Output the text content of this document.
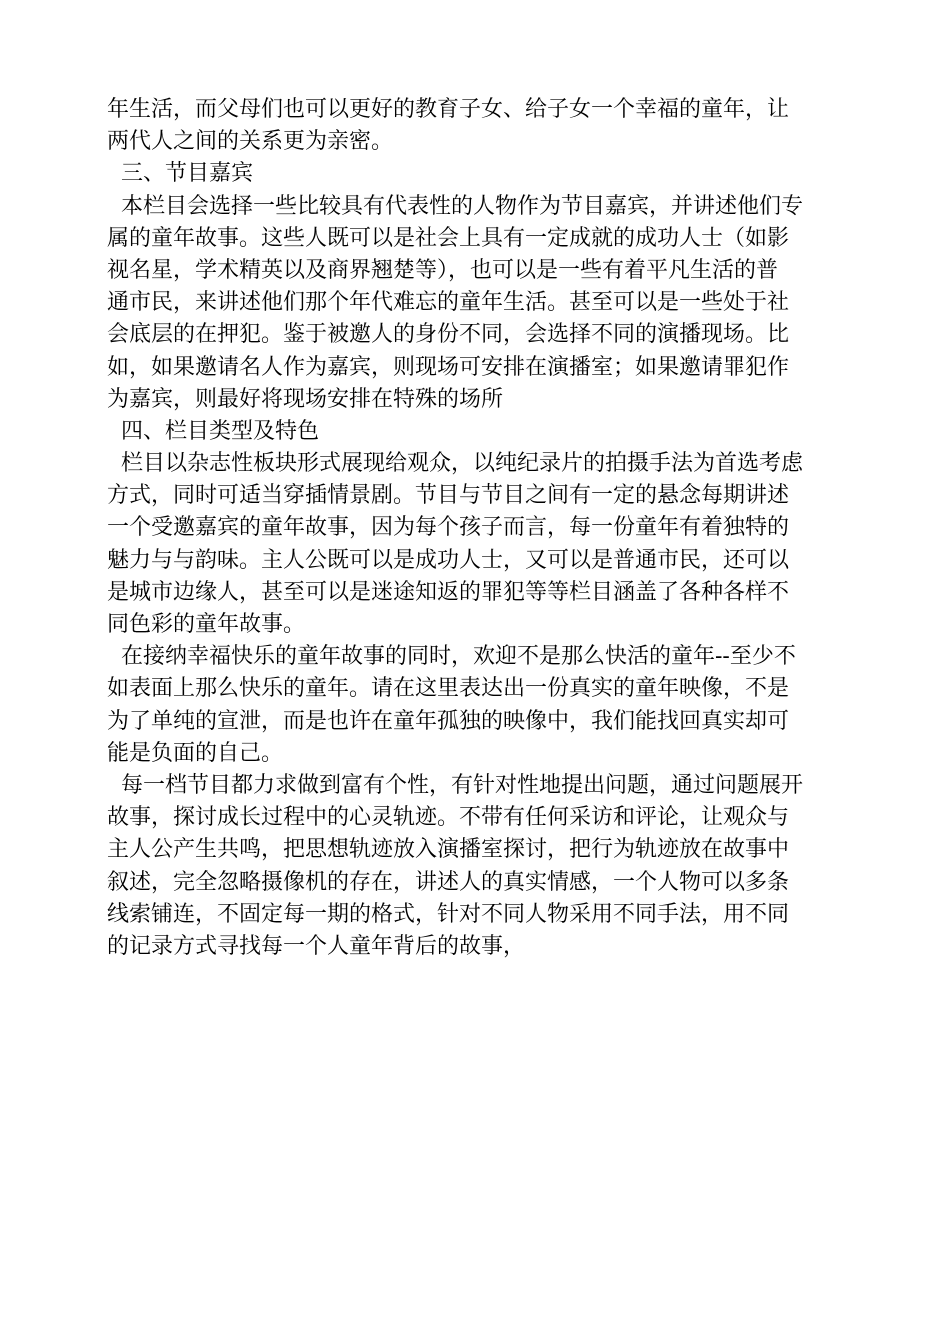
年生活，而父母们也可以更好的教育子女、给子女一个幸福的童年，让
两代人之间的关系更为亲密。
三、节目嘉宾
本栏目会选择一些比较具有代表性的人物作为节目嘉宾，并讲述他们专
属的童年故事。这些人既可以是社会上具有一定成就的成功人士（如影
视名星，学术精英以及商界翘楚等），也可以是一些有着平凡生活的普
通市民，来讲述他们那个年代难忘的童年生活。甚至可以是一些处于社
会底层的在押犯。鉴于被邀人的身份不同，会选择不同的演播现场。比
如，如果邀请名人作为嘉宾，则现场可安排在演播室；如果邀请罪犯作
为嘉宾，则最好将现场安排在特殊的场所
四、栏目类型及特色
栏目以杂志性板块形式展现给观众，以纯纪录片的拍摄手法为首选考虑
方式，同时可适当穿插情景剧。节目与节目之间有一定的悬念每期讲述
一个受邀嘉宾的童年故事，因为每个孩子而言，每一份童年有着独特的
魅力与与韵味。主人公既可以是成功人士，又可以是普通市民，还可以
是城市边缘人，甚至可以是迷途知返的罪犯等等栏目涵盖了各种各样不
同色彩的童年故事。
在接纳幸福快乐的童年故事的同时，欢迎不是那么快活的童年--至少不
如表面上那么快乐的童年。请在这里表达出一份真实的童年映像，不是
为了单纯的宣泄，而是也许在童年孤独的映像中，我们能找回真实却可
能是负面的自己。
每一档节目都力求做到富有个性，有针对性地提出问题，通过问题展开
故事，探讨成长过程中的心灵轨迹。不带有任何采访和评论，让观众与
主人公产生共鸣，把思想轨迹放入演播室探讨，把行为轨迹放在故事中
叙述，完全忽略摄像机的存在，讲述人的真实情感，一个人物可以多条
线索铺连，不固定每一期的格式，针对不同人物采用不同手法，用不同
的记录方式寻找每一个人童年背后的故事，
